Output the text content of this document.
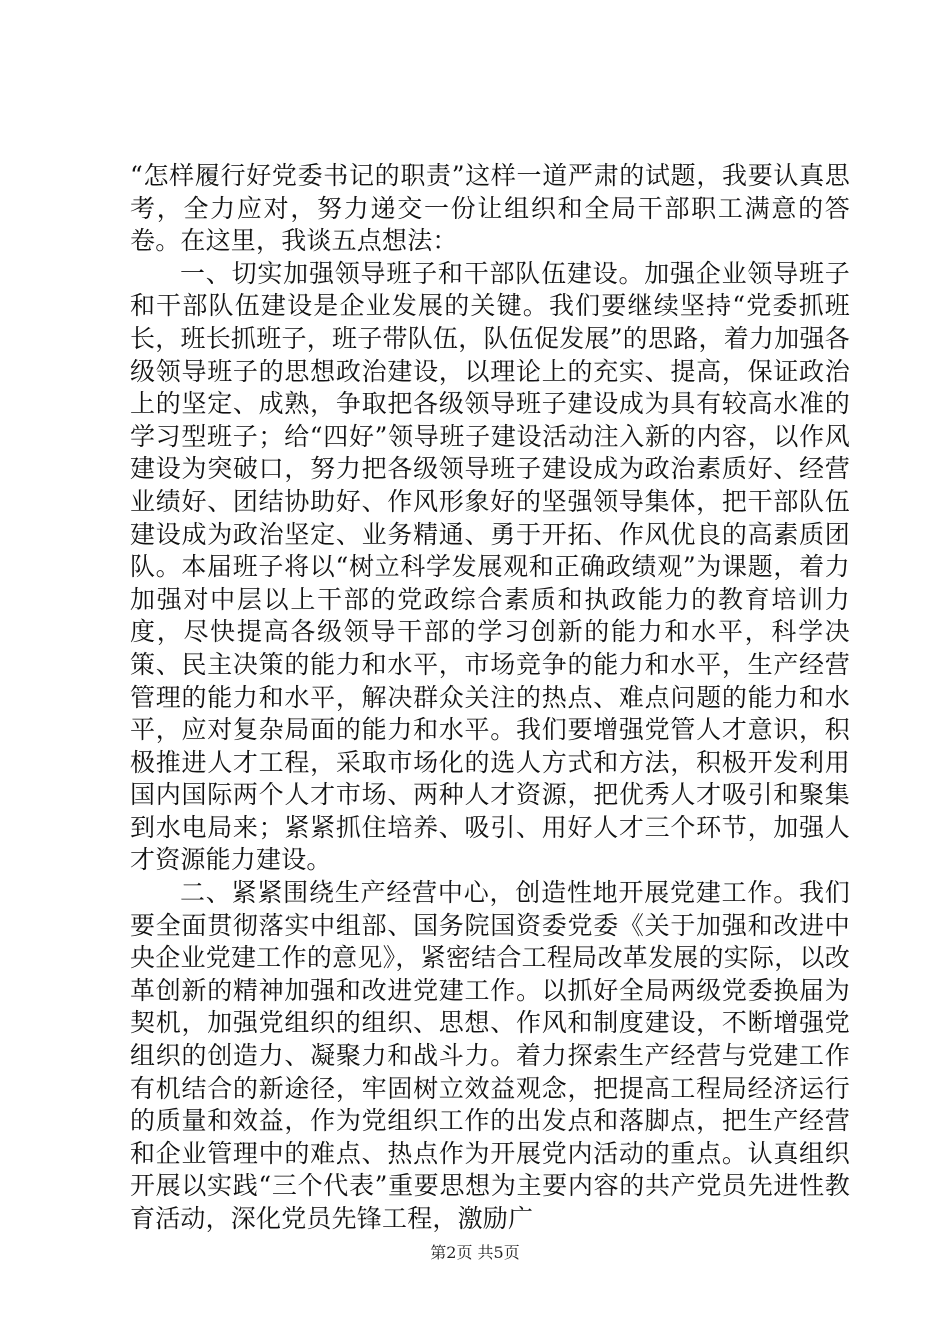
“怎样履行好党委书记的职责”这样一道严肃的试题，我要认真思考，全力应对，努力递交一份让组织和全局干部职工满意的答卷。在这里，我谈五点想法：

一、切实加强领导班子和干部队伍建设。加强企业领导班子和干部队伍建设是企业发展的关键。我们要继续坚持“党委抓班长，班长抓班子，班子带队伍，队伍促发展”的思路，着力加强各级领导班子的思想政治建设，以理论上的充实、提高，保证政治上的坚定、成熟，争取把各级领导班子建设成为具有较高水准的学习型班子；给“四好”领导班子建设活动注入新的内容，以作风建设为突破口，努力把各级领导班子建设成为政治素质好、经营业绩好、团结协助好、作风形象好的坚强领导集体，把干部队伍建设成为政治坚定、业务精通、勇于开拓、作风优良的高素质团队。本届班子将以“树立科学发展观和正确政绩观”为课题，着力加强对中层以上干部的党政综合素质和执政能力的教育培训力度，尽快提高各级领导干部的学习创新的能力和水平，科学决策、民主决策的能力和水平，市场竞争的能力和水平，生产经营管理的能力和水平，解决群众关注的热点、难点问题的能力和水平，应对复杂局面的能力和水平。我们要增强党管人才意识，积极推进人才工程，采取市场化的选人方式和方法，积极开发利用国内国际两个人才市场、两种人才资源，把优秀人才吸引和聚集到水电局来；紧紧抓住培养、吸引、用好人才三个环节，加强人才资源能力建设。

二、紧紧围绕生产经营中心，创造性地开展党建工作。我们要全面贯彻落实中组部、国务院国资委党委《关于加强和改进中央企业党建工作的意见》，紧密结合工程局改革发展的实际，以改革创新的精神加强和改进党建工作。以抓好全局两级党委换届为契机，加强党组织的组织、思想、作风和制度建设，不断增强党组织的创造力、凝聚力和战斗力。着力探索生产经营与党建工作有机结合的新途径，牢固树立效益观念，把提高工程局经济运行的质量和效益，作为党组织工作的出发点和落脚点，把生产经营和企业管理中的难点、热点作为开展党内活动的重点。认真组织开展以实践“三个代表”重要思想为主要内容的共产党员先进性教育活动，深化党员先锋工程，激励广

第2页 共5页
